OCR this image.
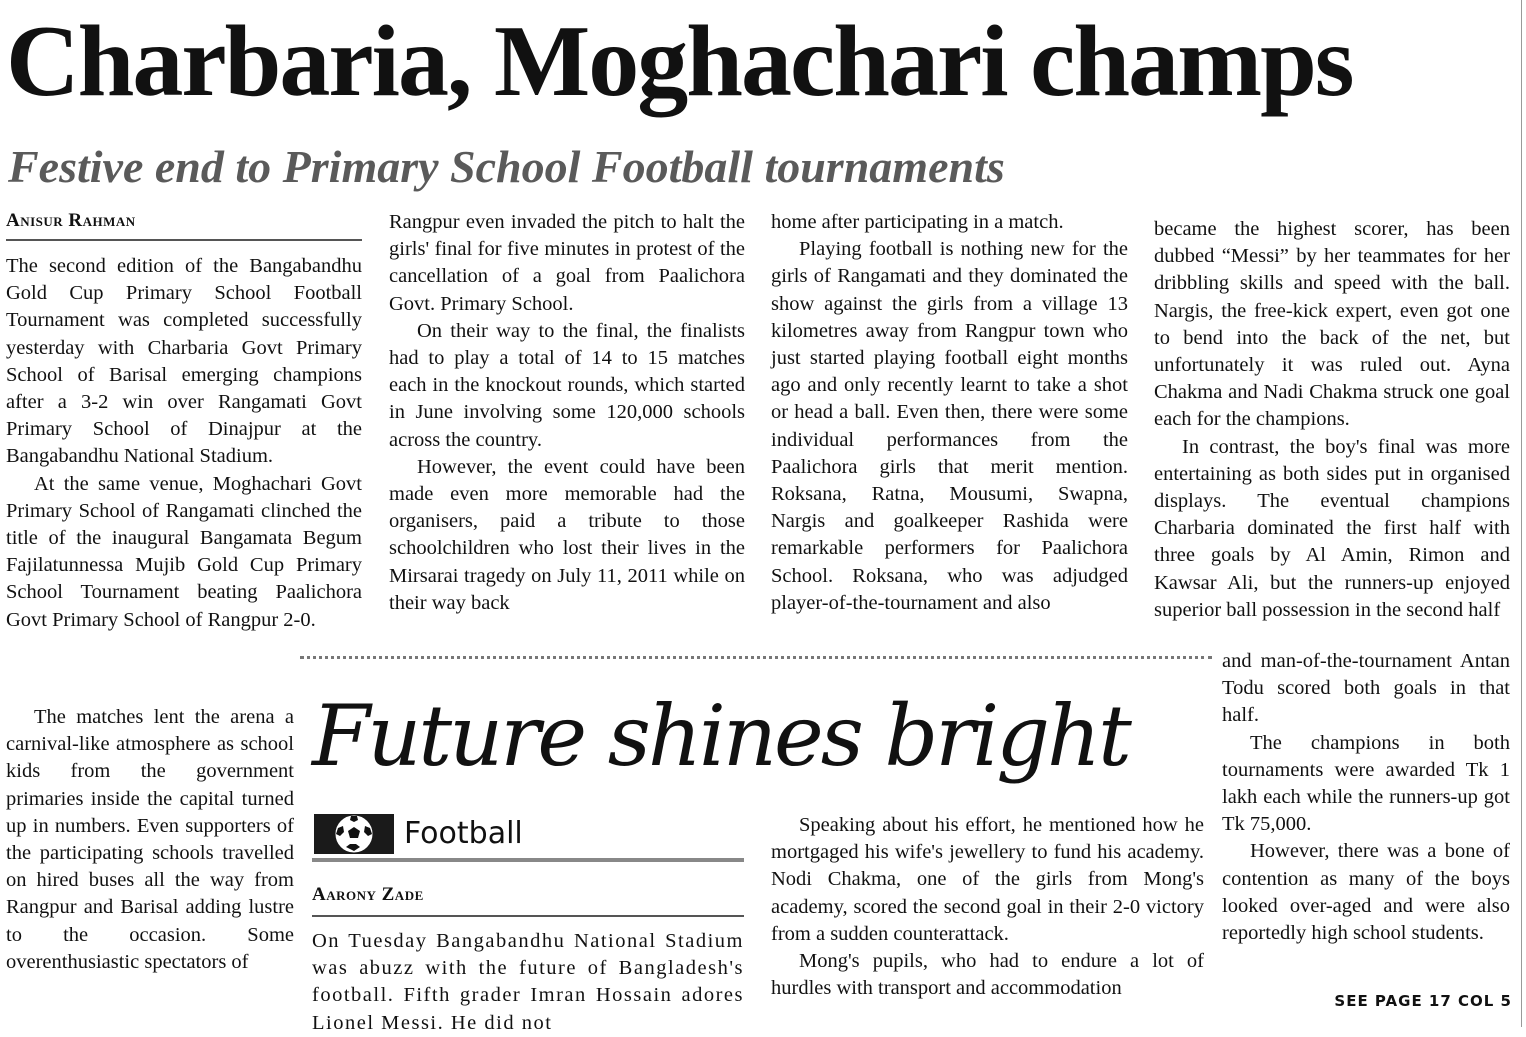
Charbaria, Moghachari champs
Festive end to Primary School Football tournaments
Anisur Rahman

The second edition of the Bangabandhu Gold Cup Primary School Football Tournament was completed successfully yesterday with Charbaria Govt Primary School of Barisal emerging champions after a 3-2 win over Rangamati Govt Primary School of Dinajpur at the Bangabandhu National Stadium.

At the same venue, Moghachari Govt Primary School of Rangamati clinched the title of the inaugural Bangamata Begum Fajilatunnessa Mujib Gold Cup Primary School Tournament beating Paalichora Govt Primary School of Rangpur 2-0.

The matches lent the arena a carnival-like atmosphere as school kids from the government primaries inside the capital turned up in numbers. Even supporters of the participating schools travelled on hired buses all the way from Rangpur and Barisal adding lustre to the occasion. Some overenthusiastic spectators of

Rangpur even invaded the pitch to halt the girls' final for five minutes in protest of the cancellation of a goal from Paalichora Govt. Primary School.

On their way to the final, the finalists had to play a total of 14 to 15 matches each in the knockout rounds, which started in June involving some 120,000 schools across the country.

However, the event could have been made even more memorable had the organisers, paid a tribute to those schoolchildren who lost their lives in the Mirsarai tragedy on July 11, 2011 while on their way back

home after participating in a match.

Playing football is nothing new for the girls of Rangamati and they dominated the show against the girls from a village 13 kilometres away from Rangpur town who just started playing football eight months ago and only recently learnt to take a shot or head a ball. Even then, there were some individual performances from the Paalichora girls that merit mention. Roksana, Ratna, Mousumi, Swapna, Nargis and goalkeeper Rashida were remarkable performers for Paalichora School. Roksana, who was adjudged player-of-the-tournament and also

became the highest scorer, has been dubbed “Messi” by her teammates for her dribbling skills and speed with the ball. Nargis, the free-kick expert, even got one to bend into the back of the net, but unfortunately it was ruled out. Ayna Chakma and Nadi Chakma struck one goal each for the champions.

In contrast, the boy's final was more entertaining as both sides put in organised displays. The eventual champions Charbaria dominated the first half with three goals by Al Amin, Rimon and Kawsar Ali, but the runners-up enjoyed superior ball possession in the second half

and man-of-the-tournament Antan Todu scored both goals in that half.

The champions in both tournaments were awarded Tk 1 lakh each while the runners-up got Tk 75,000.

However, there was a bone of contention as many of the boys looked over-aged and were also reportedly high school students.

SEE PAGE 17 COL 5
Future shines bright
Football
Aarony Zade

On Tuesday Bangabandhu National Stadium was abuzz with the future of Bangladesh's football. Fifth grader Imran Hossain adores Lionel Messi. He did not

Speaking about his effort, he mentioned how he mortgaged his wife's jewellery to fund his academy. Nodi Chakma, one of the girls from Mong's academy, scored the second goal in their 2-0 victory from a sudden counterattack.

Mong's pupils, who had to endure a lot of hurdles with transport and accommodation
